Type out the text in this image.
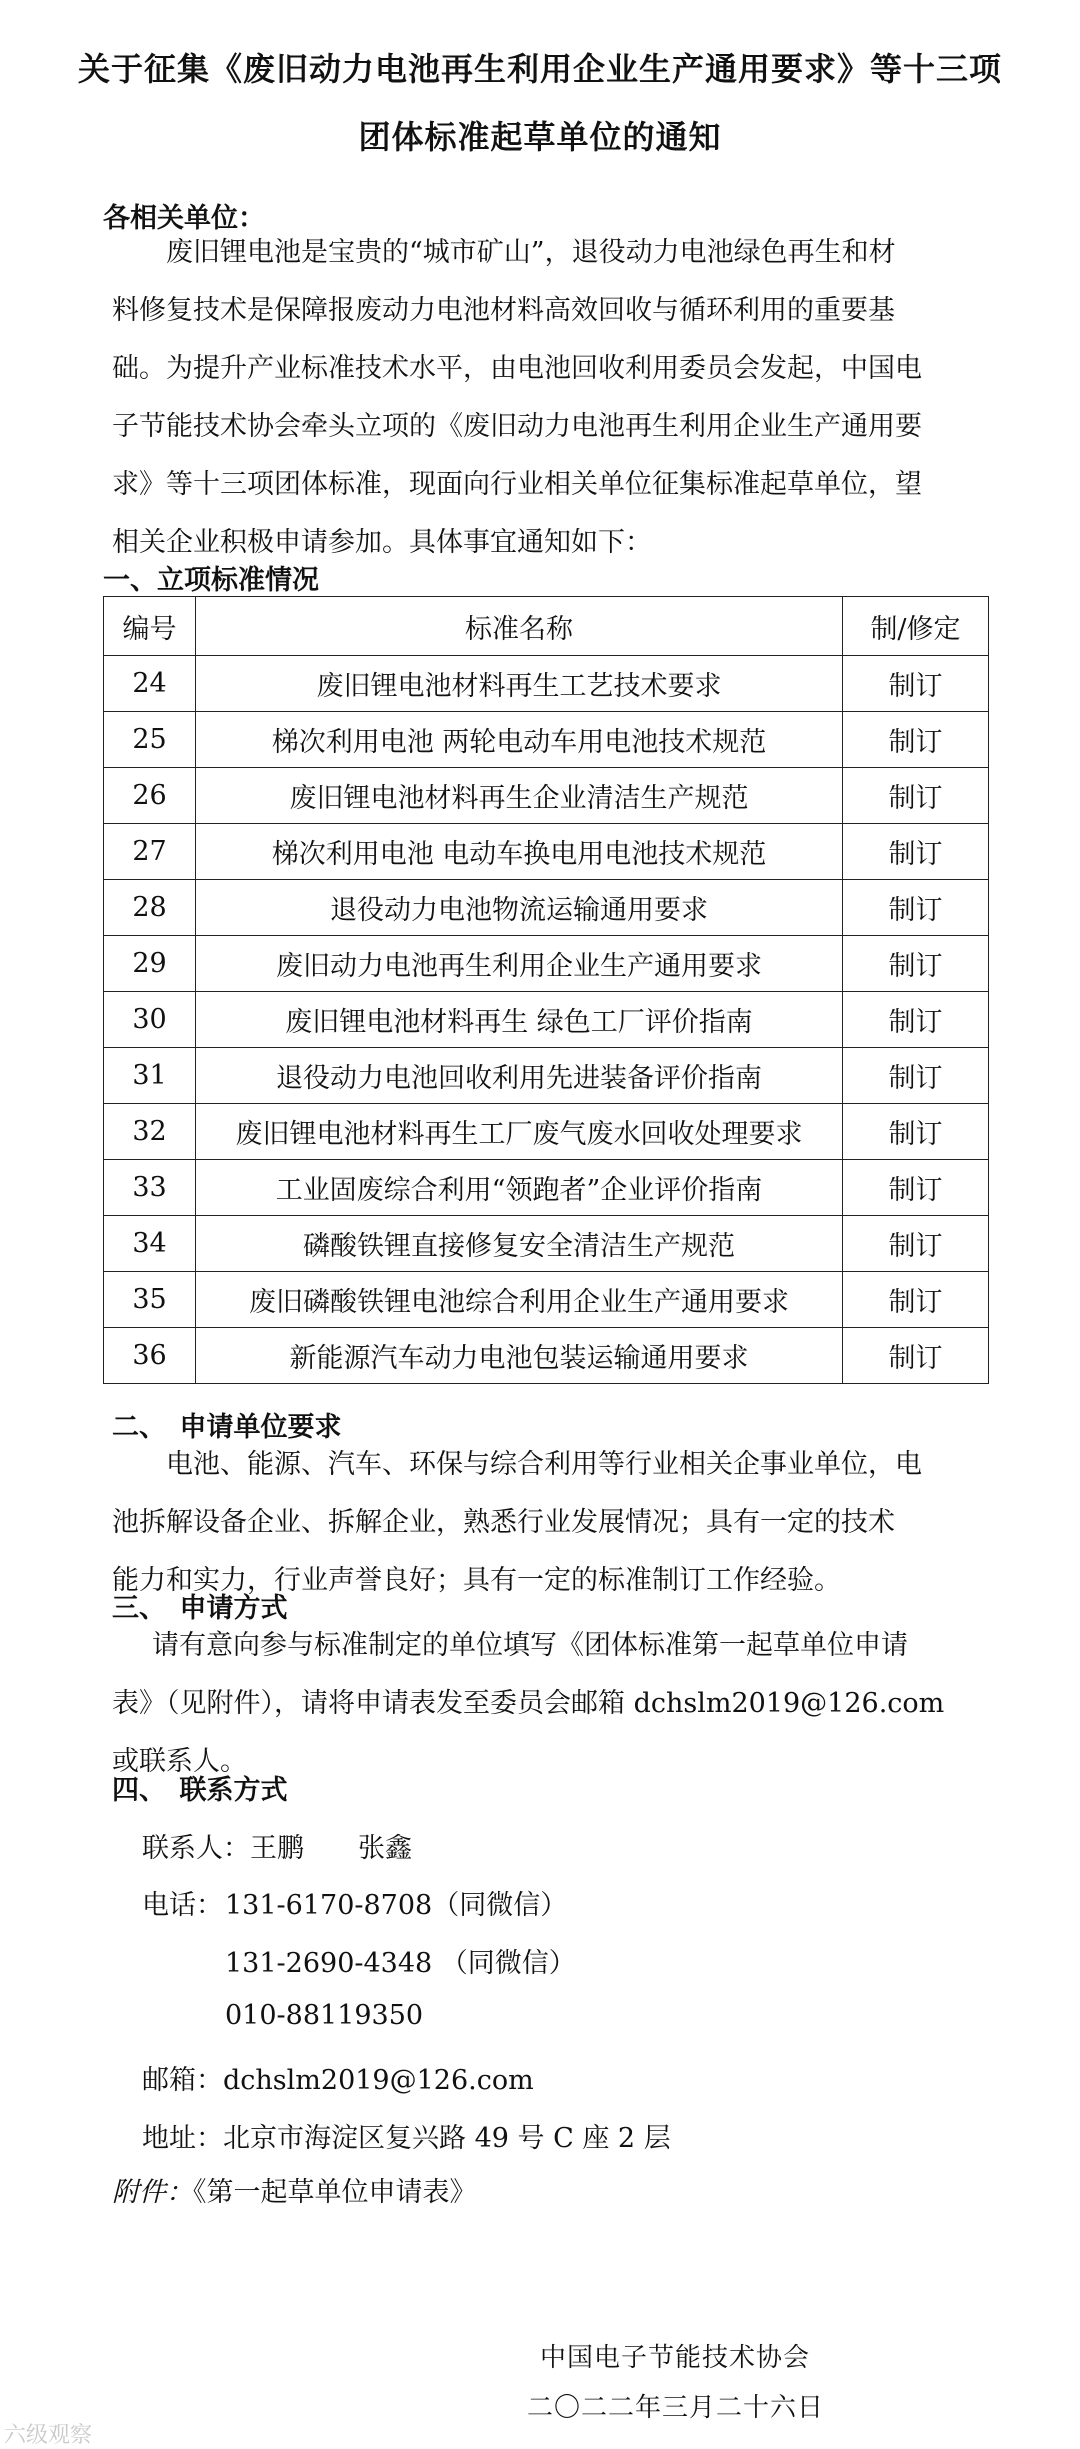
关于征集《废旧动力电池再生利用企业生产通用要求》等十三项
团体标准起草单位的通知
各相关单位：
废旧锂电池是宝贵的“城市矿山”，退役动力电池绿色再生和材
料修复技术是保障报废动力电池材料高效回收与循环利用的重要基
础。为提升产业标准技术水平，由电池回收利用委员会发起，中国电
子节能技术协会牵头立项的《废旧动力电池再生利用企业生产通用要
求》等十三项团体标准，现面向行业相关单位征集标准起草单位，望
相关企业积极申请参加。具体事宜通知如下：
一、立项标准情况
编号	标准名称	制/修定
24	废旧锂电池材料再生工艺技术要求	制订
25	梯次利用电池 两轮电动车用电池技术规范	制订
26	废旧锂电池材料再生企业清洁生产规范	制订
27	梯次利用电池 电动车换电用电池技术规范	制订
28	退役动力电池物流运输通用要求	制订
29	废旧动力电池再生利用企业生产通用要求	制订
30	废旧锂电池材料再生 绿色工厂评价指南	制订
31	退役动力电池回收利用先进装备评价指南	制订
32	废旧锂电池材料再生工厂废气废水回收处理要求	制订
33	工业固废综合利用“领跑者”企业评价指南	制订
34	磷酸铁锂直接修复安全清洁生产规范	制订
35	废旧磷酸铁锂电池综合利用企业生产通用要求	制订
36	新能源汽车动力电池包装运输通用要求	制订
二、　申请单位要求
电池、能源、汽车、环保与综合利用等行业相关企事业单位，电
池拆解设备企业、拆解企业，熟悉行业发展情况；具有一定的技术
能力和实力，行业声誉良好；具有一定的标准制订工作经验。
三、　申请方式
请有意向参与标准制定的单位填写《团体标准第一起草单位申请
表》（见附件），请将申请表发至委员会邮箱 dchslm2019@126.com
或联系人。
四、　联系方式
联系人：王鹏　　张鑫
电话： 131-6170-8708（同微信）
131-2690-4348 （同微信）
010-88119350
邮箱：dchslm2019@126.com
地址：北京市海淀区复兴路 49 号 C 座 2 层
附件：《第一起草单位申请表》
中国电子节能技术协会
二〇二二年三月二十六日
六级观察
